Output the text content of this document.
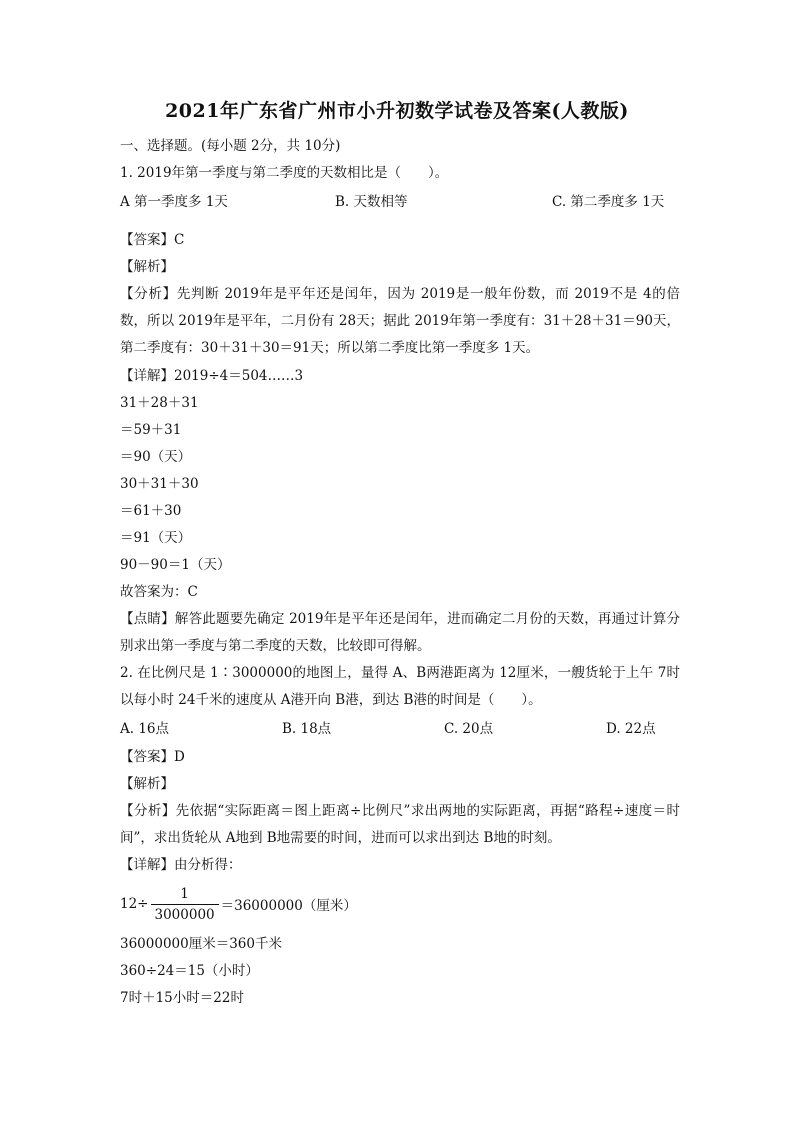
2021年广东省广州市小升初数学试卷及答案(人教版)
一、选择题。(每小题 2分，共 10分)
1. 2019年第一季度与第二季度的天数相比是（　　）。
A 第一季度多 1天	B. 天数相等	C. 第二季度多 1天
【答案】C
【解析】
【分析】先判断 2019年是平年还是闰年，因为 2019是一般年份数，而 2019不是 4的倍数，所以 2019年是平年，二月份有 28天；据此 2019年第一季度有：31＋28＋31＝90天，第二季度有：30＋31＋30＝91天；所以第二季度比第一季度多 1天。
【详解】2019÷4＝504……3
31＋28＋31
＝59＋31
＝90（天）
30＋31＋30
＝61＋30
＝91（天）
90－90＝1（天）
故答案为：C
【点睛】解答此题要先确定 2019年是平年还是闰年，进而确定二月份的天数，再通过计算分别求出第一季度与第二季度的天数，比较即可得解。
2. 在比例尺是 1∶3000000的地图上，量得 A、B两港距离为 12厘米，一艘货轮于上午 7时以每小时 24千米的速度从 A港开向 B港，到达 B港的时间是（　　）。
A. 16点	B. 18点	C. 20点	D. 22点
【答案】D
【解析】
【分析】先依据“实际距离＝图上距离÷比例尺”求出两地的实际距离，再据“路程÷速度＝时间”，求出货轮从 A地到 B地需要的时间，进而可以求出到达 B地的时刻。
【详解】由分析得：
$12\div \frac{1}{3000000} =36000000$（厘米）
36000000厘米＝360千米
360÷24＝15（小时）
7时＋15小时＝22时
